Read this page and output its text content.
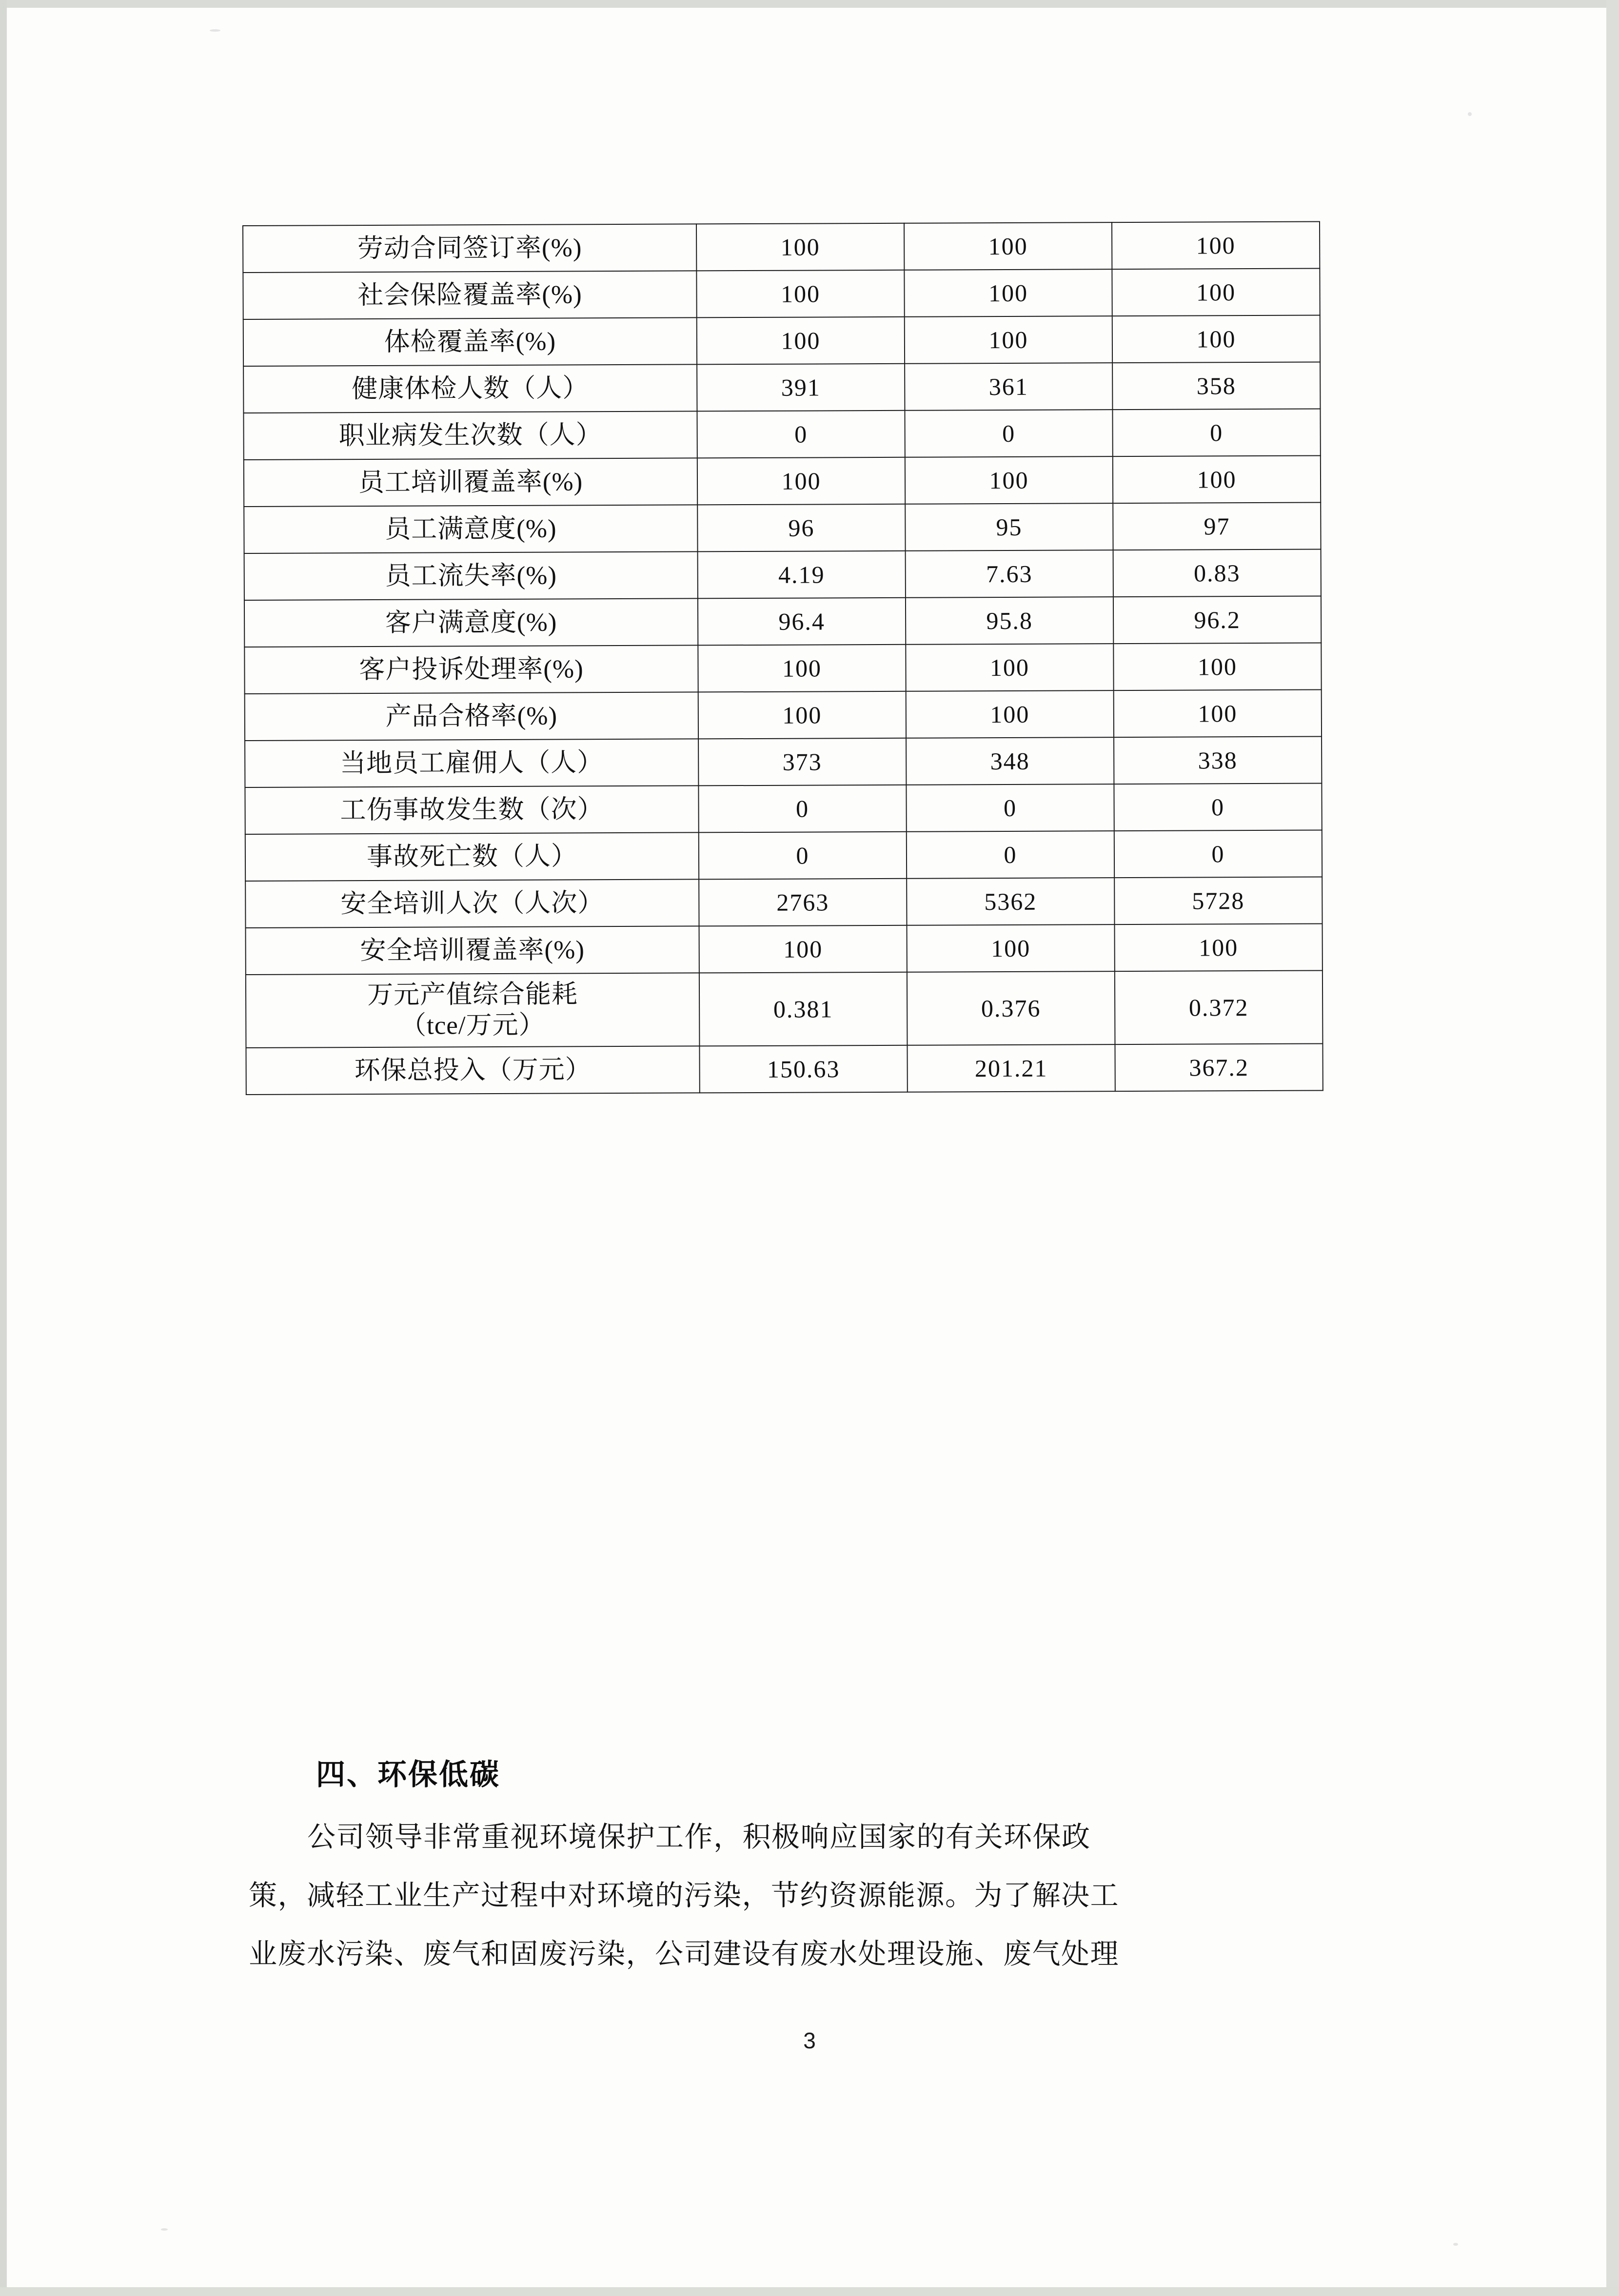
劳动合同签订率(%)	100	100	100
社会保险覆盖率(%)	100	100	100
体检覆盖率(%)	100	100	100
健康体检人数（人）	391	361	358
职业病发生次数（人）	0	0	0
员工培训覆盖率(%)	100	100	100
员工满意度(%)	96	95	97
员工流失率(%)	4.19	7.63	0.83
客户满意度(%)	96.4	95.8	96.2
客户投诉处理率(%)	100	100	100
产品合格率(%)	100	100	100
当地员工雇佣人（人）	373	348	338
工伤事故发生数（次）	0	0	0
事故死亡数（人）	0	0	0
安全培训人次（人次）	2763	5362	5728
安全培训覆盖率(%)	100	100	100
万元产值综合能耗
（tce/万元）	0.381	0.376	0.372
环保总投入（万元）	150.63	201.21	367.2
四、环保低碳
公司领导非常重视环境保护工作，积极响应国家的有关环保政
策，减轻工业生产过程中对环境的污染，节约资源能源。为了解决工
业废水污染、废气和固废污染，公司建设有废水处理设施、废气处理
3
